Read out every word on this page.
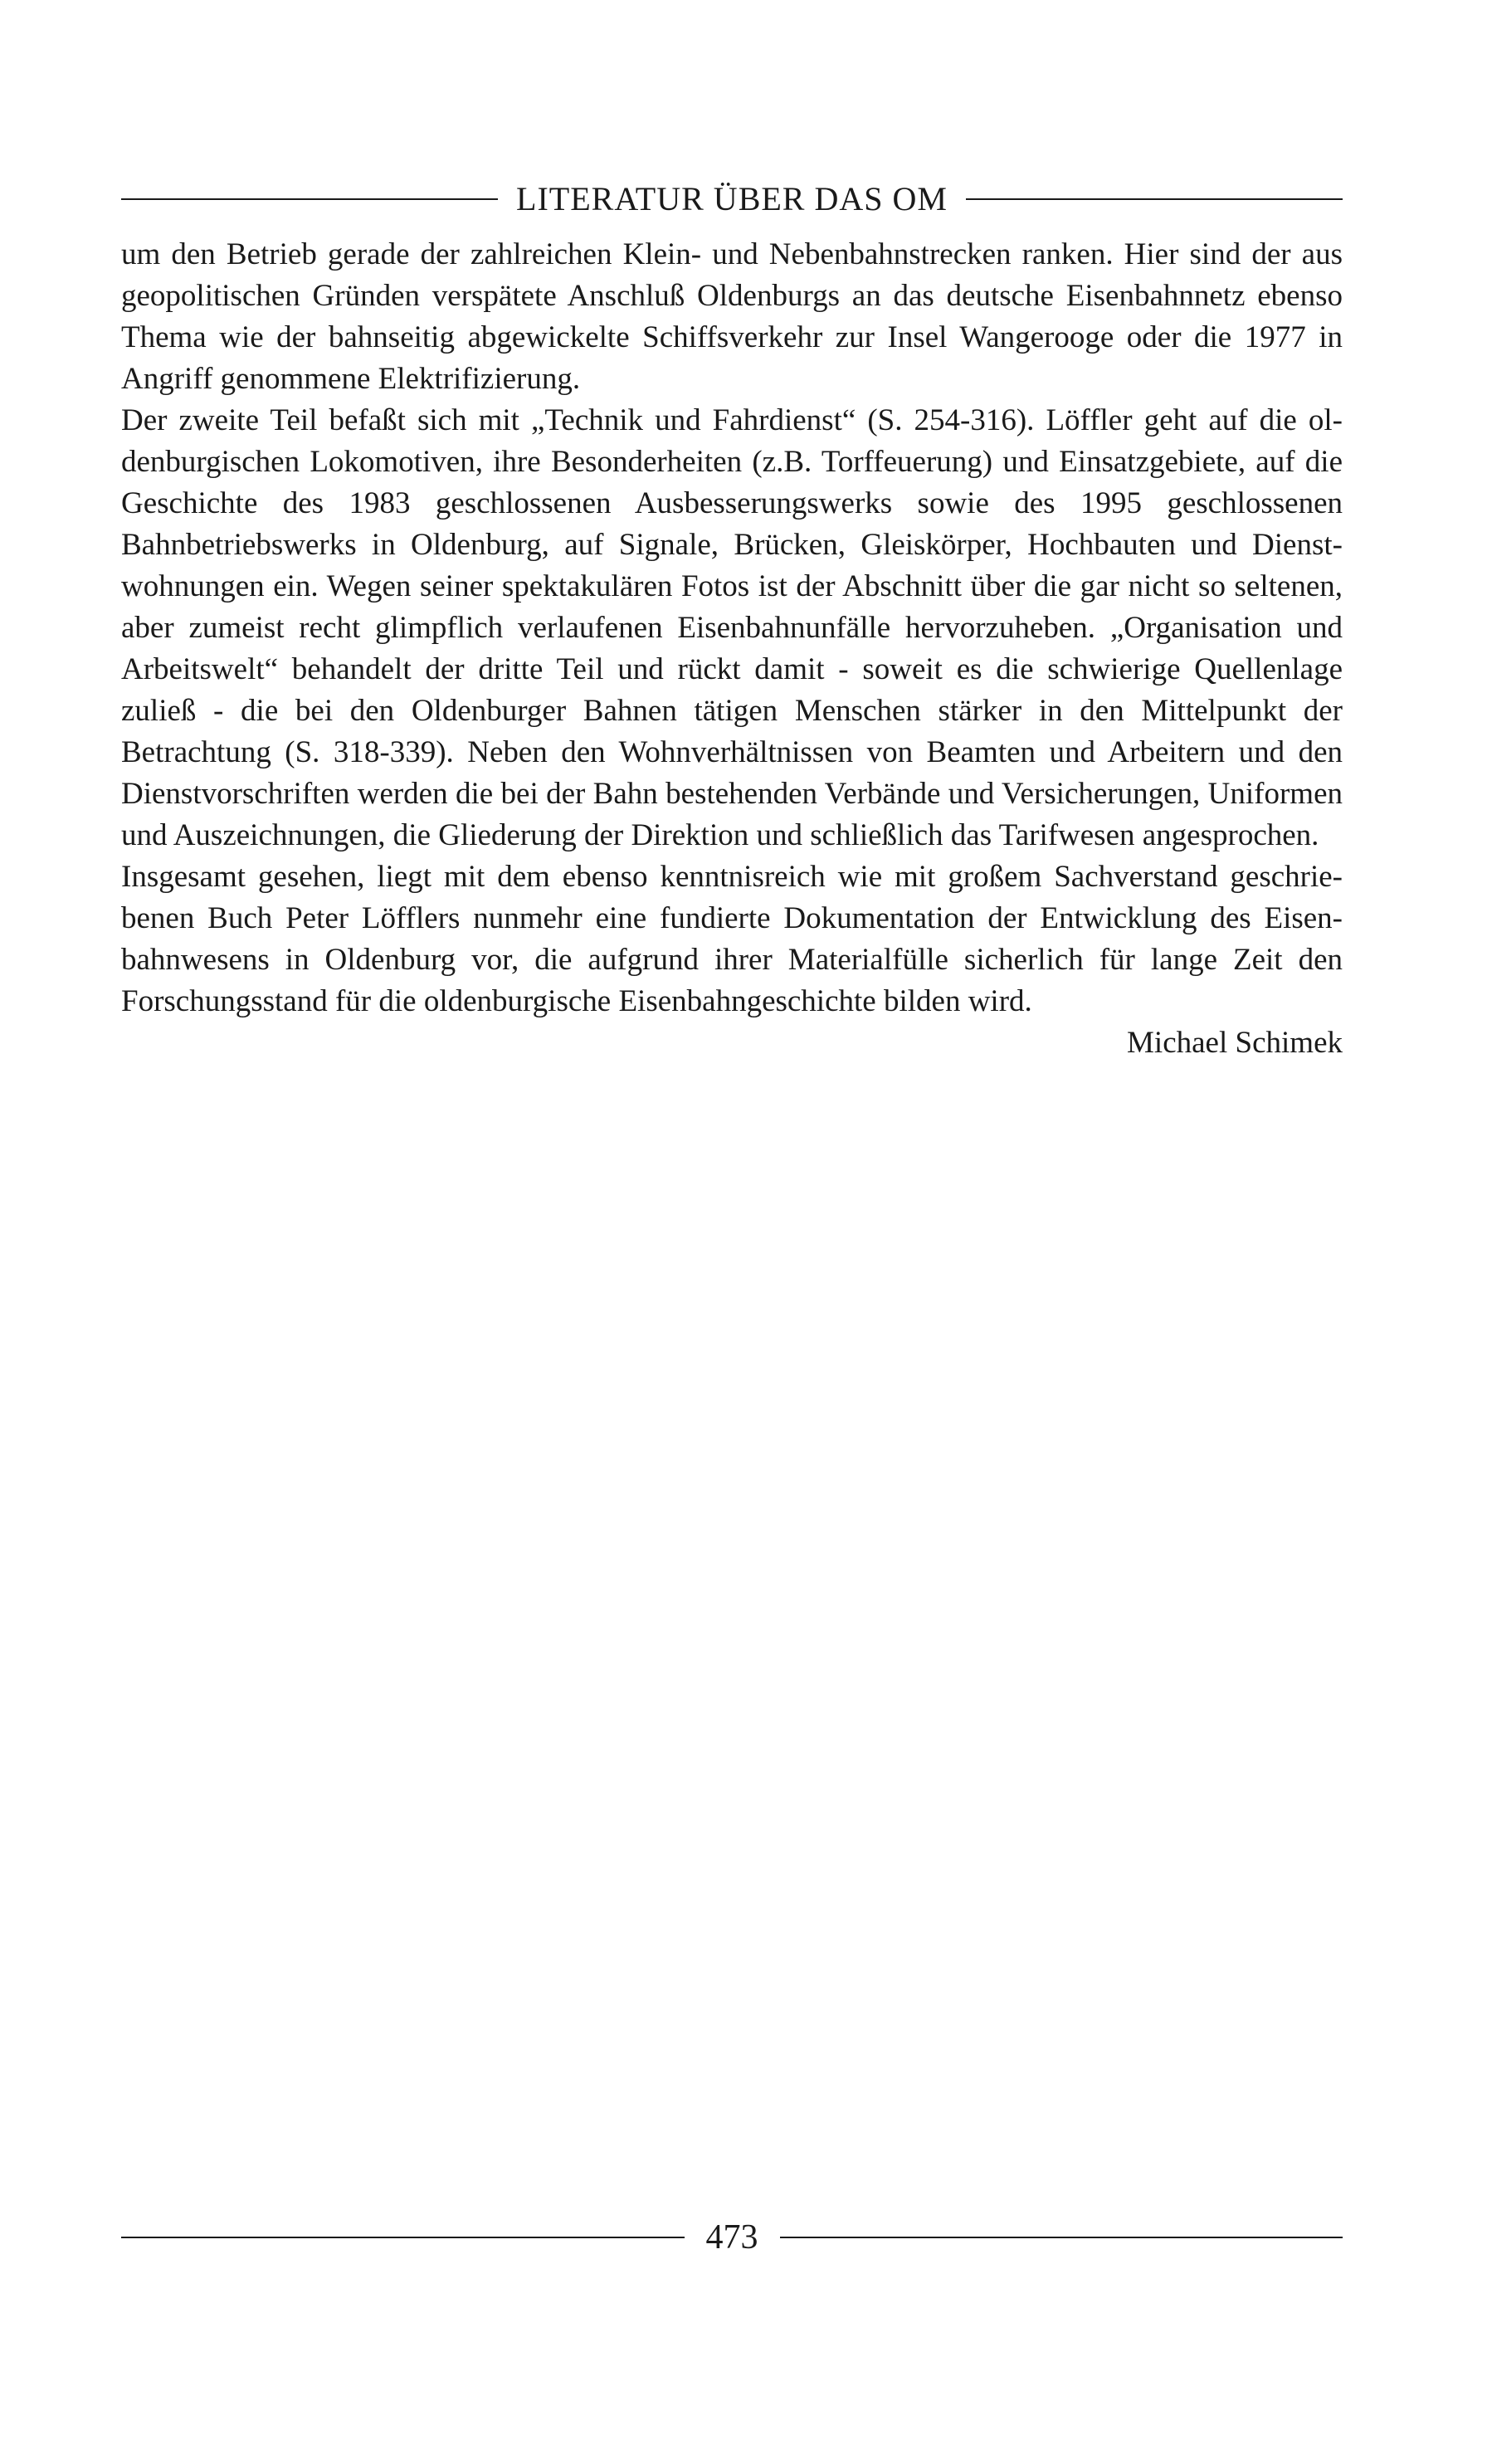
LITERATUR ÜBER DAS OM

um den Betrieb gerade der zahlreichen Klein- und Nebenbahnstrecken ranken. Hier sind der aus geopolitischen Gründen verspätete Anschluß Oldenburgs an das deutsche Eisenbahnnetz ebenso Thema wie der bahnseitig abgewickelte Schiffsverkehr zur Insel Wangerooge oder die 1977 in Angriff genommene Elektrifizierung.

Der zweite Teil befaßt sich mit „Technik und Fahrdienst“ (S. 254-316). Löffler geht auf die oldenburgischen Lokomotiven, ihre Besonderheiten (z.B. Torffeuerung) und Einsatzgebiete, auf die Geschichte des 1983 geschlossenen Ausbesserungswerks sowie des 1995 geschlossenen Bahnbetriebswerks in Oldenburg, auf Signale, Brücken, Gleiskörper, Hochbauten und Dienstwohnungen ein. Wegen seiner spektakulären Fotos ist der Abschnitt über die gar nicht so seltenen, aber zumeist recht glimpflich verlaufenen Eisenbahnunfälle hervorzuheben. „Organisation und Arbeitswelt“ behandelt der dritte Teil und rückt damit - soweit es die schwierige Quellenlage zuließ - die bei den Oldenburger Bahnen tätigen Menschen stärker in den Mittelpunkt der Betrachtung (S. 318-339). Neben den Wohnverhältnissen von Beamten und Arbeitern und den Dienstvorschriften werden die bei der Bahn bestehenden Verbände und Versicherungen, Uniformen und Auszeichnungen, die Gliederung der Direktion und schließlich das Tarifwesen angesprochen.

Insgesamt gesehen, liegt mit dem ebenso kenntnisreich wie mit großem Sachverstand geschriebenen Buch Peter Löfflers nunmehr eine fundierte Dokumentation der Entwicklung des Eisenbahnwesens in Oldenburg vor, die aufgrund ihrer Materialfülle sicherlich für lange Zeit den Forschungsstand für die oldenburgische Eisenbahngeschichte bilden wird.

Michael Schimek

473
